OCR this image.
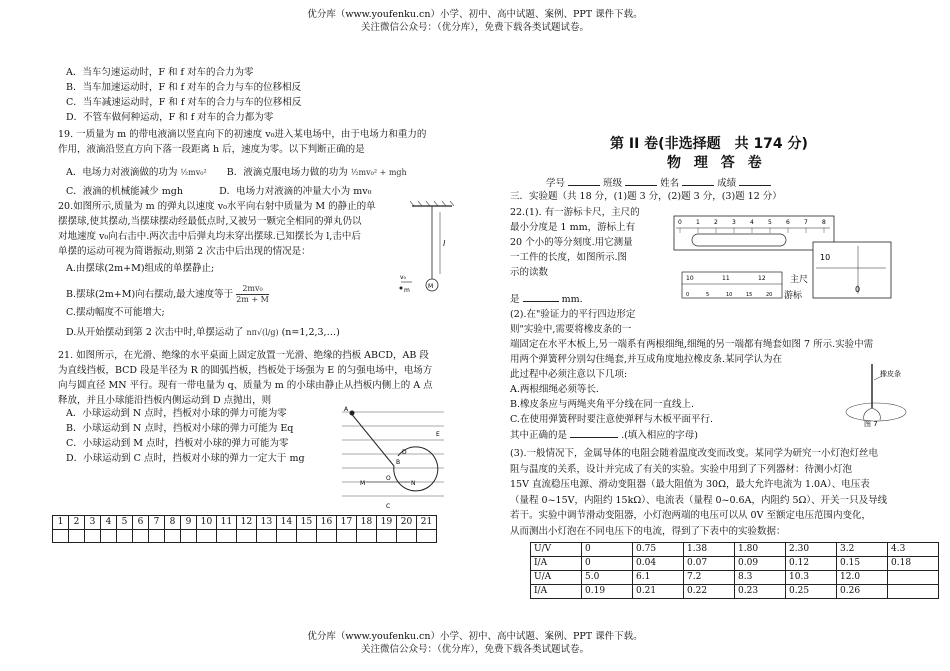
优分库（www.youfenku.cn）小学、初中、高中试题、案例、PPT 课件下载。
关注微信公众号：（优分库），免费下载各类试题试卷。
A．当车匀速运动时，F 和 f 对车的合力为零
B．当车加速运动时，F 和 f 对车的合力与车的位移相反
C．当车减速运动时，F 和 f 对车的合力与车的位移相反
D．不管车做何种运动，F 和 f 对车的合力都为零
19. 一质量为 m 的带电液滴以竖直向下的初速度 v₀进入某电场中，由于电场力和重力的
作用，液滴沿竖直方向下落一段距离 h 后，速度为零。以下判断正确的是
A．电场力对液滴做的功为 ½mv₀² B．液滴克服电场力做的功为 ½mv₀² + mgh
C．液滴的机械能减少 mgh	D．电场力对液滴的冲量大小为 mv₀
20.如图所示,质量为 m 的弹丸以速度 v₀水平向右射中质量为 M 的静止的单
摆摆球,使其摆动,当摆球摆动经最低点时,又被另一颗完全相同的弹丸仍以
对地速度 v₀向右击中.两次击中后弹丸均未穿出摆球.已知摆长为 l,击中后
单摆的运动可视为简谐振动,则第 2 次击中后出现的情况是：
A.由摆球(2m+M)组成的单摆静止;
B.摆球(2m+M)向右摆动,最大速度等于 $\frac{\text{2mv₀}}{2m + M}$
C.摆动幅度不可能增大;
D.从开始摆动到第 2 次击中时,单摆运动了 nπ√(l/g) (n=1,2,3,…)
l
M
v₀
m
21. 如图所示，在光滑、绝缘的水平桌面上固定放置一光滑、绝缘的挡板 ABCD，AB 段
为直线挡板，BCD 段是半径为 R 的圆弧挡板，挡板处于场强为 E 的匀强电场中，电场方
向与圆直径 MN 平行。现有一带电量为 q、质量为 m 的小球由静止从挡板内侧上的 A 点
释放，并且小球能沿挡板内侧运动到 D 点抛出，则
A．小球运动到 N 点时，挡板对小球的弹力可能为零
B．小球运动到 N 点时，挡板对小球的弹力可能为 Eq
C．小球运动到 M 点时，挡板对小球的弹力可能为零
D．小球运动到 C 点时，挡板对小球的弹力一定大于 mg
A
B
D
M	N
O
C
E
1	2	3	4	5	6	7	8	9	10	11	12	13	14	15	16	17	18	19	20	21

第 II 卷(非选择题　共 174 分)
物 理 答 卷
学号	班级	姓名	成绩
三．实验题（共 18 分，(1)题 3 分，(2)题 3 分，(3)题 12 分）
22.(1). 有一游标卡尺，主尺的
最小分度是 1 mm，游标上有
20 个小的等分刻度.用它测量
一工件的长度，如图所示.图
示的读数
是	mm.
0 1 2 3 4 5 6 7 8
10	11	12
0	5	10	15	20
主尺
游标
10
0
(2).在"验证力的平行四边形定
则"实验中,需要将橡皮条的一
端固定在水平木板上,另一端系有两根细绳,细绳的另一端都有绳套如图 7 所示.实验中需
用两个弹簧秤分别勾住绳套,并互成角度地拉橡皮条.某同学认为在
此过程中必须注意以下几项:
A.两根细绳必须等长.
B.橡皮条应与两绳夹角平分线在同一直线上.
C.在使用弹簧秤时要注意使弹秤与木板平面平行.
其中正确的是	.(填入相应的字母)
橡皮条
图 7
(3).一般情况下，金属导体的电阻会随着温度改变而改变。某同学为研究一小灯泡灯丝电
阻与温度的关系，设计并完成了有关的实验。实验中用到了下列器材：待测小灯泡
15V 直流稳压电源、滑动变阻器（最大阻值为 30Ω，最大允许电流为 1.0A）、电压表
（量程 0~15V，内阻约 15kΩ）、电流表（量程 0~0.6A，内阻约 5Ω）、开关一只及导线
若干。实验中调节滑动变阻器，小灯泡两端的电压可以从 0V 至额定电压范围内变化，
从而测出小灯泡在不同电压下的电流，得到了下表中的实验数据：
U/V	0	0.75	1.38	1.80	2.30	3.2	4.3
I/A	0	0.04	0.07	0.09	0.12	0.15	0.18
U/A	5.0	6.1	7.2	8.3	10.3	12.0	
I/A	0.19	0.21	0.22	0.23	0.25	0.26	
优分库（www.youfenku.cn）小学、初中、高中试题、案例、PPT 课件下载。
关注微信公众号：（优分库），免费下载各类试题试卷。
